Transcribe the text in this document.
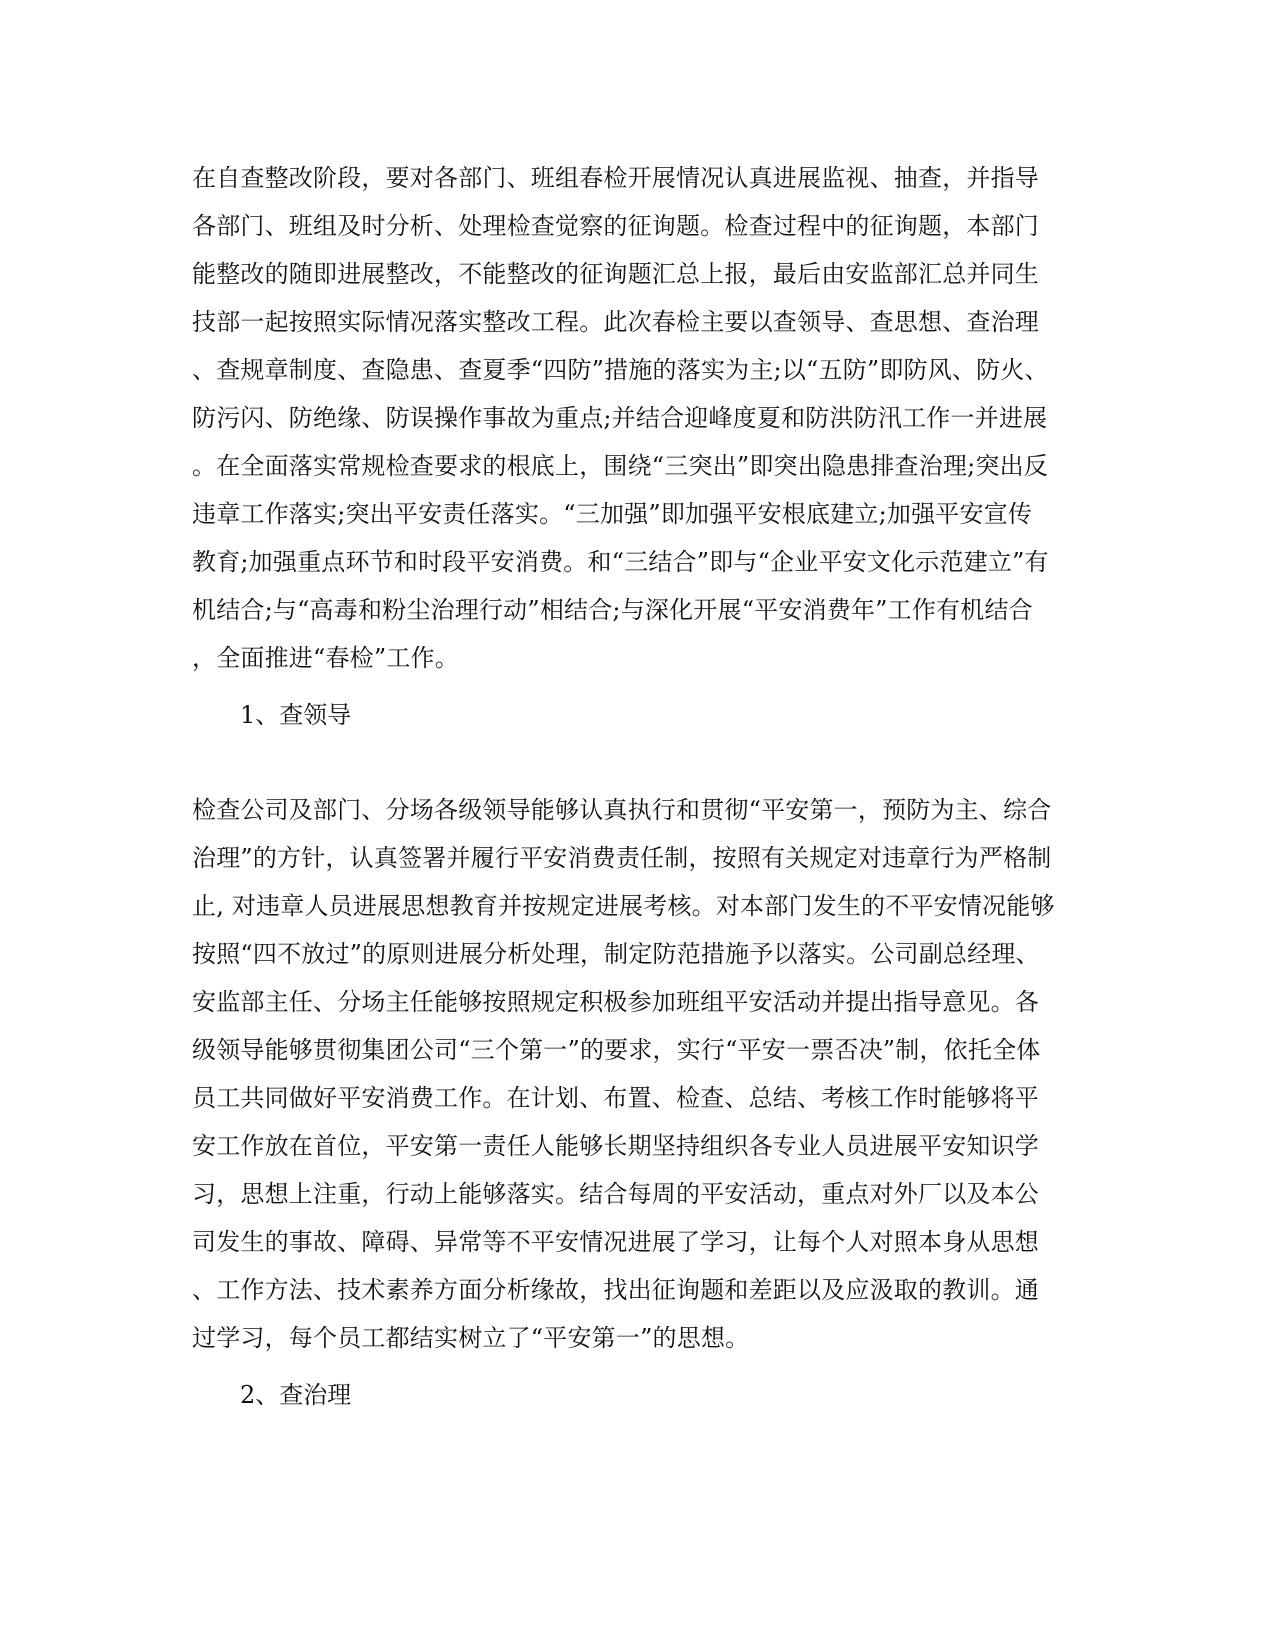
在自查整改阶段，要对各部门、班组春检开展情况认真进展监视、抽查，并指导
各部门、班组及时分析、处理检查觉察的征询题。检查过程中的征询题，本部门
能整改的随即进展整改，不能整改的征询题汇总上报，最后由安监部汇总并同生
技部一起按照实际情况落实整改工程。此次春检主要以查领导、查思想、查治理
、查规章制度、查隐患、查夏季“四防”措施的落实为主;以“五防”即防风、防火、
防污闪、防绝缘、防误操作事故为重点;并结合迎峰度夏和防洪防汛工作一并进展
。在全面落实常规检查要求的根底上，围绕“三突出”即突出隐患排查治理;突出反
违章工作落实;突出平安责任落实。“三加强”即加强平安根底建立;加强平安宣传
教育;加强重点环节和时段平安消费。和“三结合”即与“企业平安文化示范建立”有
机结合;与“高毒和粉尘治理行动”相结合;与深化开展“平安消费年”工作有机结合
，全面推进“春检”工作。
1、查领导
检查公司及部门、分场各级领导能够认真执行和贯彻“平安第一，预防为主、综合
治理”的方针，认真签署并履行平安消费责任制，按照有关规定对违章行为严格制
止, 对违章人员进展思想教育并按规定进展考核。对本部门发生的不平安情况能够
按照“四不放过”的原则进展分析处理，制定防范措施予以落实。公司副总经理、
安监部主任、分场主任能够按照规定积极参加班组平安活动并提出指导意见。各
级领导能够贯彻集团公司“三个第一”的要求，实行“平安一票否决”制，依托全体
员工共同做好平安消费工作。在计划、布置、检查、总结、考核工作时能够将平
安工作放在首位，平安第一责任人能够长期坚持组织各专业人员进展平安知识学
习，思想上注重，行动上能够落实。结合每周的平安活动，重点对外厂以及本公
司发生的事故、障碍、异常等不平安情况进展了学习，让每个人对照本身从思想
、工作方法、技术素养方面分析缘故，找出征询题和差距以及应汲取的教训。通
过学习，每个员工都结实树立了“平安第一”的思想。
2、查治理
